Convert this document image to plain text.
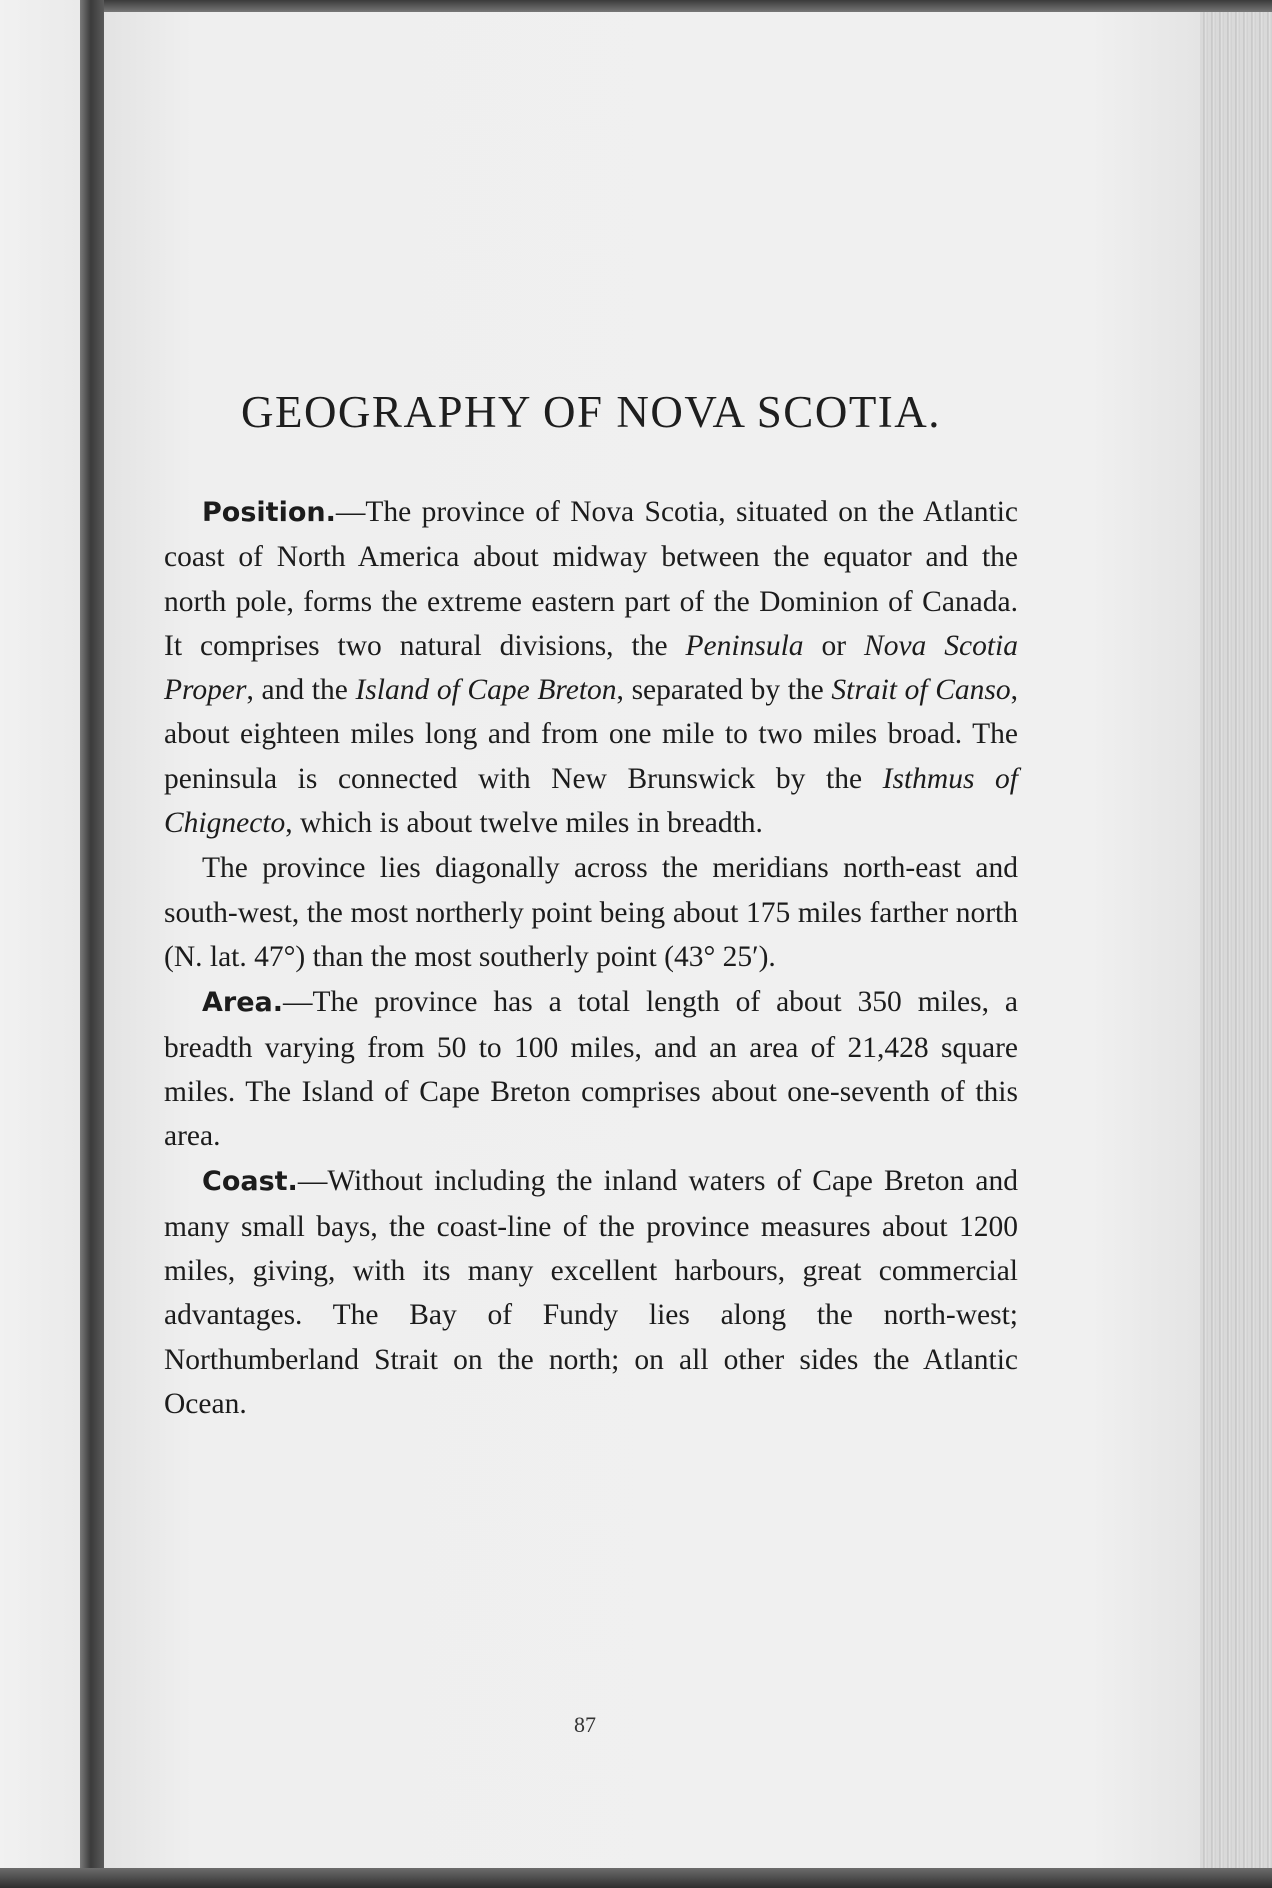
GEOGRAPHY OF NOVA SCOTIA.

Position.—The province of Nova Scotia, situated on the Atlantic coast of North America about midway between the equator and the north pole, forms the extreme eastern part of the Dominion of Canada. It comprises two natural divisions, the Peninsula or Nova Scotia Proper, and the Island of Cape Breton, separated by the Strait of Canso, about eighteen miles long and from one mile to two miles broad. The peninsula is connected with New Brunswick by the Isthmus of Chignecto, which is about twelve miles in breadth.

The province lies diagonally across the meridians north-east and south-west, the most northerly point being about 175 miles farther north (N. lat. 47°) than the most southerly point (43° 25′).

Area.—The province has a total length of about 350 miles, a breadth varying from 50 to 100 miles, and an area of 21,428 square miles. The Island of Cape Breton comprises about one-seventh of this area.

Coast.—Without including the inland waters of Cape Breton and many small bays, the coast-line of the province measures about 1200 miles, giving, with its many excellent harbours, great commercial advantages. The Bay of Fundy lies along the north-west; Northumberland Strait on the north; on all other sides the Atlantic Ocean.

87
